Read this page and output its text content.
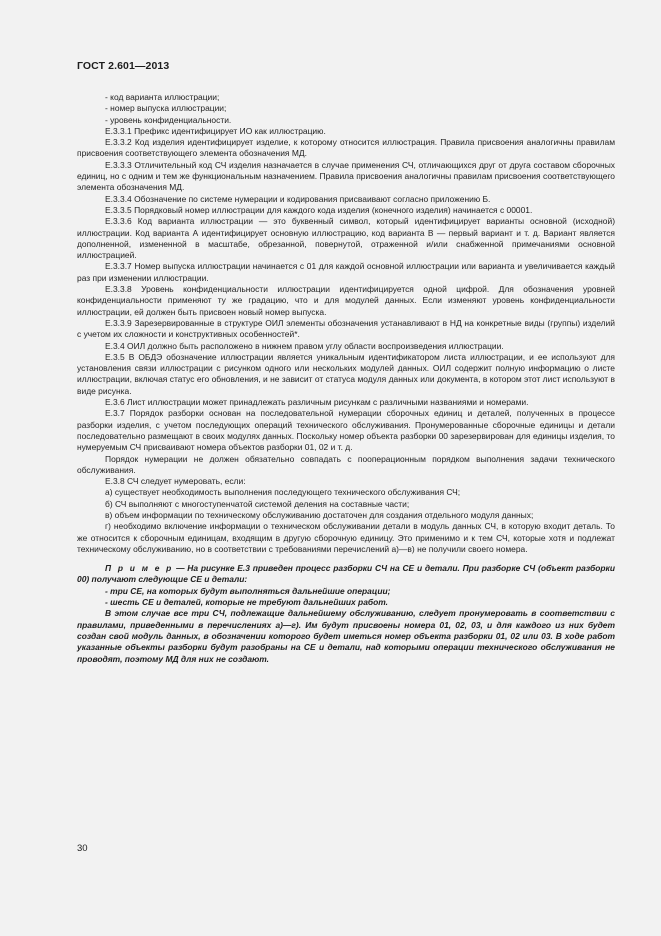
ГОСТ 2.601—2013

- код варианта иллюстрации;

- номер выпуска иллюстрации;

- уровень конфиденциальности.

Е.3.3.1 Префикс идентифицирует ИО как иллюстрацию.

Е.3.3.2 Код изделия идентифицирует изделие, к которому относится иллюстрация. Правила присвоения аналогичны правилам присвоения соответствующего элемента обозначения МД.

Е.3.3.3 Отличительный код СЧ изделия назначается в случае применения СЧ, отличающихся друг от друга составом сборочных единиц, но с одним и тем же функциональным назначением. Правила присвоения аналогичны правилам присвоения соответствующего элемента обозначения МД.

Е.3.3.4 Обозначение по системе нумерации и кодирования присваивают согласно приложению Б.

Е.3.3.5 Порядковый номер иллюстрации для каждого кода изделия (конечного изделия) начинается с 00001.

Е.3.3.6 Код варианта иллюстрации — это буквенный символ, который идентифицирует варианты основной (исходной) иллюстрации. Код варианта А идентифицирует основную иллюстрацию, код варианта В — первый вариант и т. д. Вариант является дополненной, измененной в масштабе, обрезанной, повернутой, отраженной и/или снабженной примечаниями основной иллюстрацией.

Е.3.3.7 Номер выпуска иллюстрации начинается с 01 для каждой основной иллюстрации или варианта и увеличивается каждый раз при изменении иллюстрации.

Е.3.3.8 Уровень конфиденциальности иллюстрации идентифицируется одной цифрой. Для обозначения уровней конфиденциальности применяют ту же градацию, что и для модулей данных. Если изменяют уровень конфиденциальности иллюстрации, ей должен быть присвоен новый номер выпуска.

Е.3.3.9 Зарезервированные в структуре ОИЛ элементы обозначения устанавливают в НД на конкретные виды (группы) изделий с учетом их сложности и конструктивных особенностей*.

Е.3.4 ОИЛ должно быть расположено в нижнем правом углу области воспроизведения иллюстрации.

Е.3.5 В ОБДЭ обозначение иллюстрации является уникальным идентификатором листа иллюстрации, и ее используют для установления связи иллюстрации с рисунком одного или нескольких модулей данных. ОИЛ содержит полную информацию о листе иллюстрации, включая статус его обновления, и не зависит от статуса модуля данных или документа, в котором этот лист используют в виде рисунка.

Е.3.6 Лист иллюстрации может принадлежать различным рисункам с различными названиями и номерами.

Е.3.7 Порядок разборки основан на последовательной нумерации сборочных единиц и деталей, полученных в процессе разборки изделия, с учетом последующих операций технического обслуживания. Пронумерованные сборочные единицы и детали последовательно размещают в своих модулях данных. Поскольку номер объекта разборки 00 зарезервирован для единицы изделия, то нумеруемым СЧ присваивают номера объектов разборки 01, 02 и т. д.

Порядок нумерации не должен обязательно совпадать с пооперационным порядком выполнения задачи технического обслуживания.

Е.3.8 СЧ следует нумеровать, если:

а) существует необходимость выполнения последующего технического обслуживания СЧ;

б) СЧ выполняют с многоступенчатой системой деления на составные части;

в) объем информации по техническому обслуживанию достаточен для создания отдельного модуля данных;

г) необходимо включение информации о техническом обслуживании детали в модуль данных СЧ, в которую входит деталь. То же относится к сборочным единицам, входящим в другую сборочную единицу. Это применимо и к тем СЧ, которые хотя и подлежат техническому обслуживанию, но в соответствии с требованиями перечислений а)—в) не получили своего номера.

П р и м е р — На рисунке Е.3 приведен процесс разборки СЧ на СЕ и детали. При разборке СЧ (объект разборки 00) получают следующие СЕ и детали:

- три СЕ, на которых будут выполняться дальнейшие операции;

- шесть СЕ и деталей, которые не требуют дальнейших работ.

В этом случае все три СЧ, подлежащие дальнейшему обслуживанию, следует пронумеровать в соответствии с правилами, приведенными в перечислениях а)—г). Им будут присвоены номера 01, 02, 03, и для каждого из них будет создан свой модуль данных, в обозначении которого будет иметься номер объекта разборки 01, 02 или 03. В ходе работ указанные объекты разборки будут разобраны на СЕ и детали, над которыми операции технического обслуживания не проводят, поэтому МД для них не создают.

30
